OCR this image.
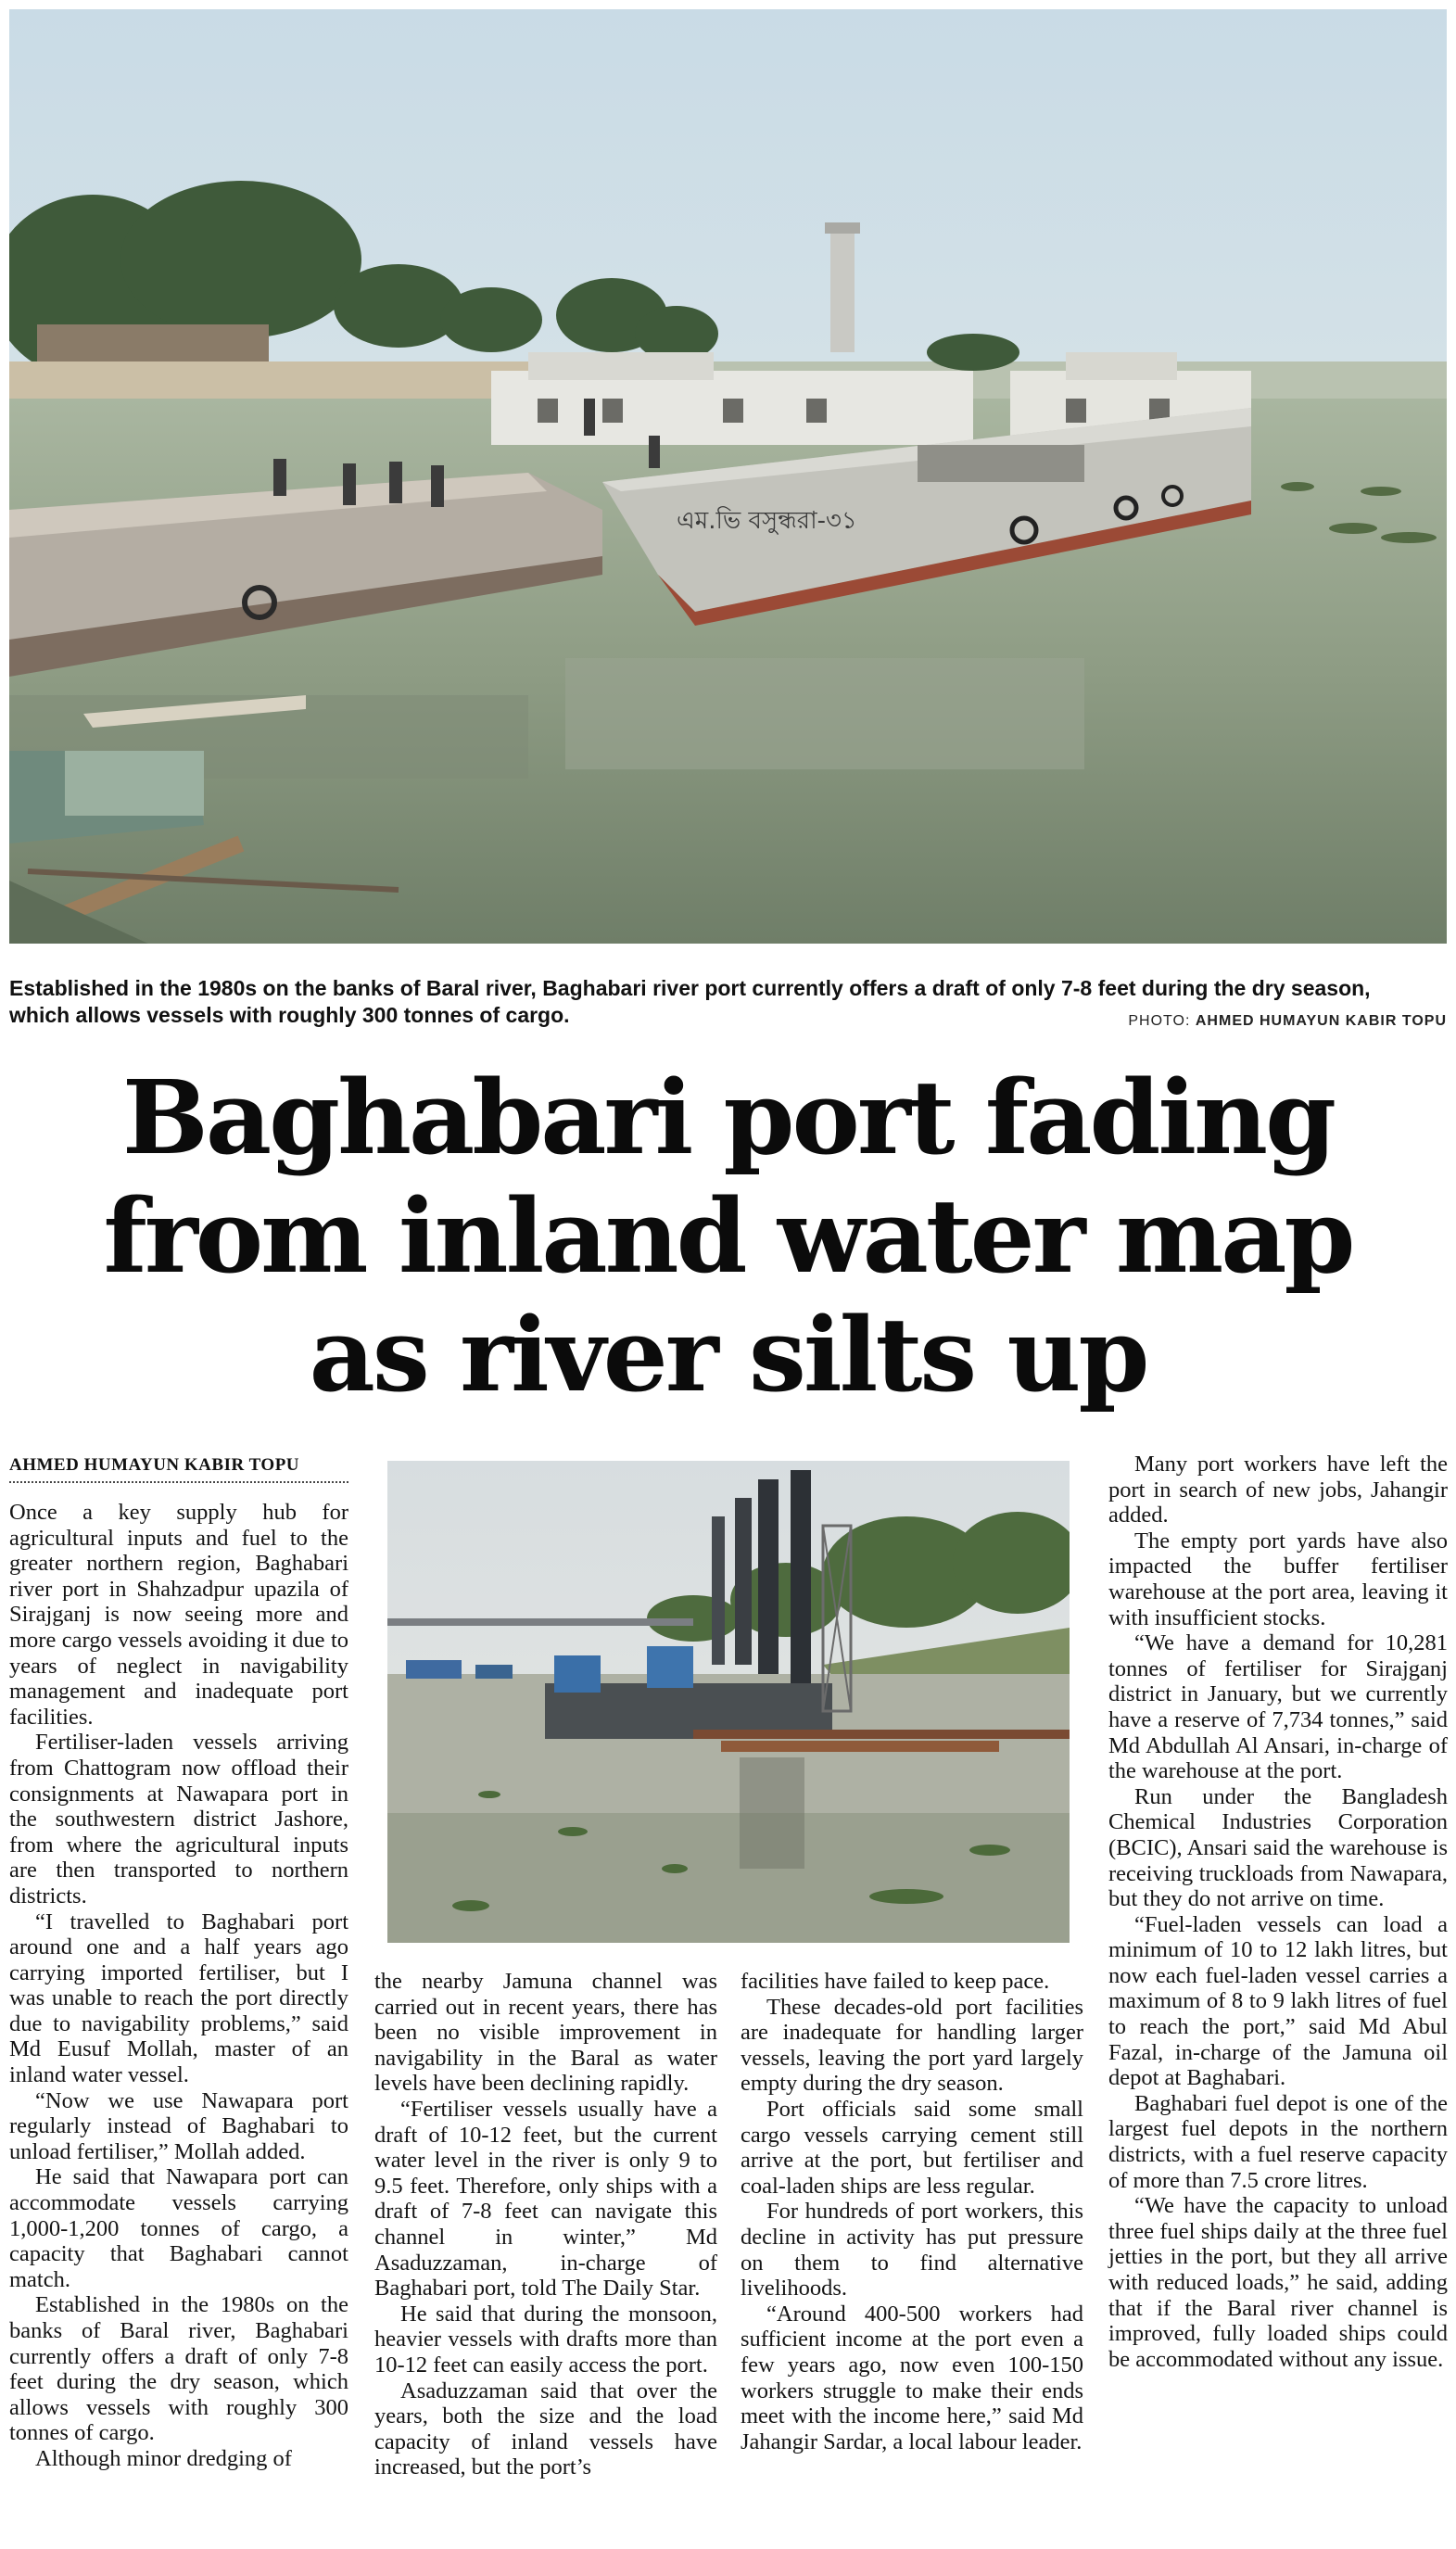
এম.ভি বসুন্ধরা-৩১
Established in the 1980s on the banks of Baral river, Baghabari river port currently offers a draft of only 7-8 feet during the dry season,
which allows vessels with roughly 300 tonnes of cargo.	PHOTO: AHMED HUMAYUN KABIR TOPU
Baghabari port fading
from inland water map
as river silts up
AHMED HUMAYUN KABIR TOPU

Once a key supply hub for agricultural inputs and fuel to the greater northern region, Baghabari river port in Shahzadpur upazila of Sirajganj is now seeing more and more cargo vessels avoiding it due to years of neglect in navigability management and inadequate port facilities.

Fertiliser-laden vessels arriving from Chattogram now offload their consignments at Nawapara port in the southwestern district Jashore, from where the agricultural inputs are then transported to northern districts.

“I travelled to Baghabari port around one and a half years ago carrying imported fertiliser, but I was unable to reach the port directly due to navigability problems,” said Md Eusuf Mollah, master of an inland water vessel.

“Now we use Nawapara port regularly instead of Baghabari to unload fertiliser,” Mollah added.

He said that Nawapara port can accommodate vessels carrying 1,000-1,200 tonnes of cargo, a capacity that Baghabari cannot match.

Established in the 1980s on the banks of Baral river, Baghabari currently offers a draft of only 7-8 feet during the dry season, which allows vessels with roughly 300 tonnes of cargo.

Although minor dredging of

the nearby Jamuna channel was carried out in recent years, there has been no visible improvement in navigability in the Baral as water levels have been declining rapidly.

“Fertiliser vessels usually have a draft of 10-12 feet, but the current water level in the river is only 9 to 9.5 feet. Therefore, only ships with a draft of 7-8 feet can navigate this channel in winter,” Md Asaduzzaman, in-charge of Baghabari port, told The Daily Star.

He said that during the monsoon, heavier vessels with drafts more than 10-12 feet can easily access the port.

Asaduzzaman said that over the years, both the size and the load capacity of inland vessels have increased, but the port’s

facilities have failed to keep pace.

These decades-old port facilities are inadequate for handling larger vessels, leaving the port yard largely empty during the dry season.

Port officials said some small cargo vessels carrying cement still arrive at the port, but fertiliser and coal-laden ships are less regular.

For hundreds of port workers, this decline in activity has put pressure on them to find alternative livelihoods.

“Around 400-500 workers had sufficient income at the port even a few years ago, now even 100-150 workers struggle to make their ends meet with the income here,” said Md Jahangir Sardar, a local labour leader.

Many port workers have left the port in search of new jobs, Jahangir added.

The empty port yards have also impacted the buffer fertiliser warehouse at the port area, leaving it with insufficient stocks.

“We have a demand for 10,281 tonnes of fertiliser for Sirajganj district in January, but we currently have a reserve of 7,734 tonnes,” said Md Abdullah Al Ansari, in-charge of the warehouse at the port.

Run under the Bangladesh Chemical Industries Corporation (BCIC), Ansari said the warehouse is receiving truckloads from Nawapara, but they do not arrive on time.

“Fuel-laden vessels can load a minimum of 10 to 12 lakh litres, but now each fuel-laden vessel carries a maximum of 8 to 9 lakh litres of fuel to reach the port,” said Md Abul Fazal, in-charge of the Jamuna oil depot at Baghabari.

Baghabari fuel depot is one of the largest fuel depots in the northern districts, with a fuel reserve capacity of more than 7.5 crore litres.

“We have the capacity to unload three fuel ships daily at the three fuel jetties in the port, but they all arrive with reduced loads,” he said, adding that if the Baral river channel is improved, fully loaded ships could be accommodated without any issue.
